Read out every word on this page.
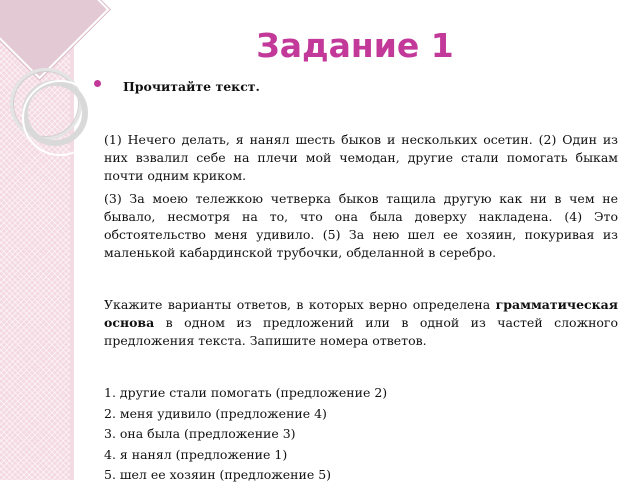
Задание 1

Прочитайте текст.

(1) Нечего делать, я нанял шесть быков и нескольких осетин. (2) Один из них взвалил себе на плечи мой чемодан, другие стали помогать быкам почти одним криком.

(3) За моею тележкою четверка быков тащила другую как ни в чем не бывало, несмотря на то, что она была доверху накладена. (4) Это обстоятельство меня удивило. (5) За нею шел ее хозяин, покуривая из маленькой кабардинской трубочки, обделанной в серебро.

Укажите варианты ответов, в которых верно определена грамматическая основа в одном из предложений или в одной из частей сложного предложения текста. Запишите номера ответов.

1. другие стали помогать (предложение 2)
2. меня удивило (предложение 4)
3. она была (предложение 3)
4. я нанял (предложение 1)
5. шел ее хозяин (предложение 5)
